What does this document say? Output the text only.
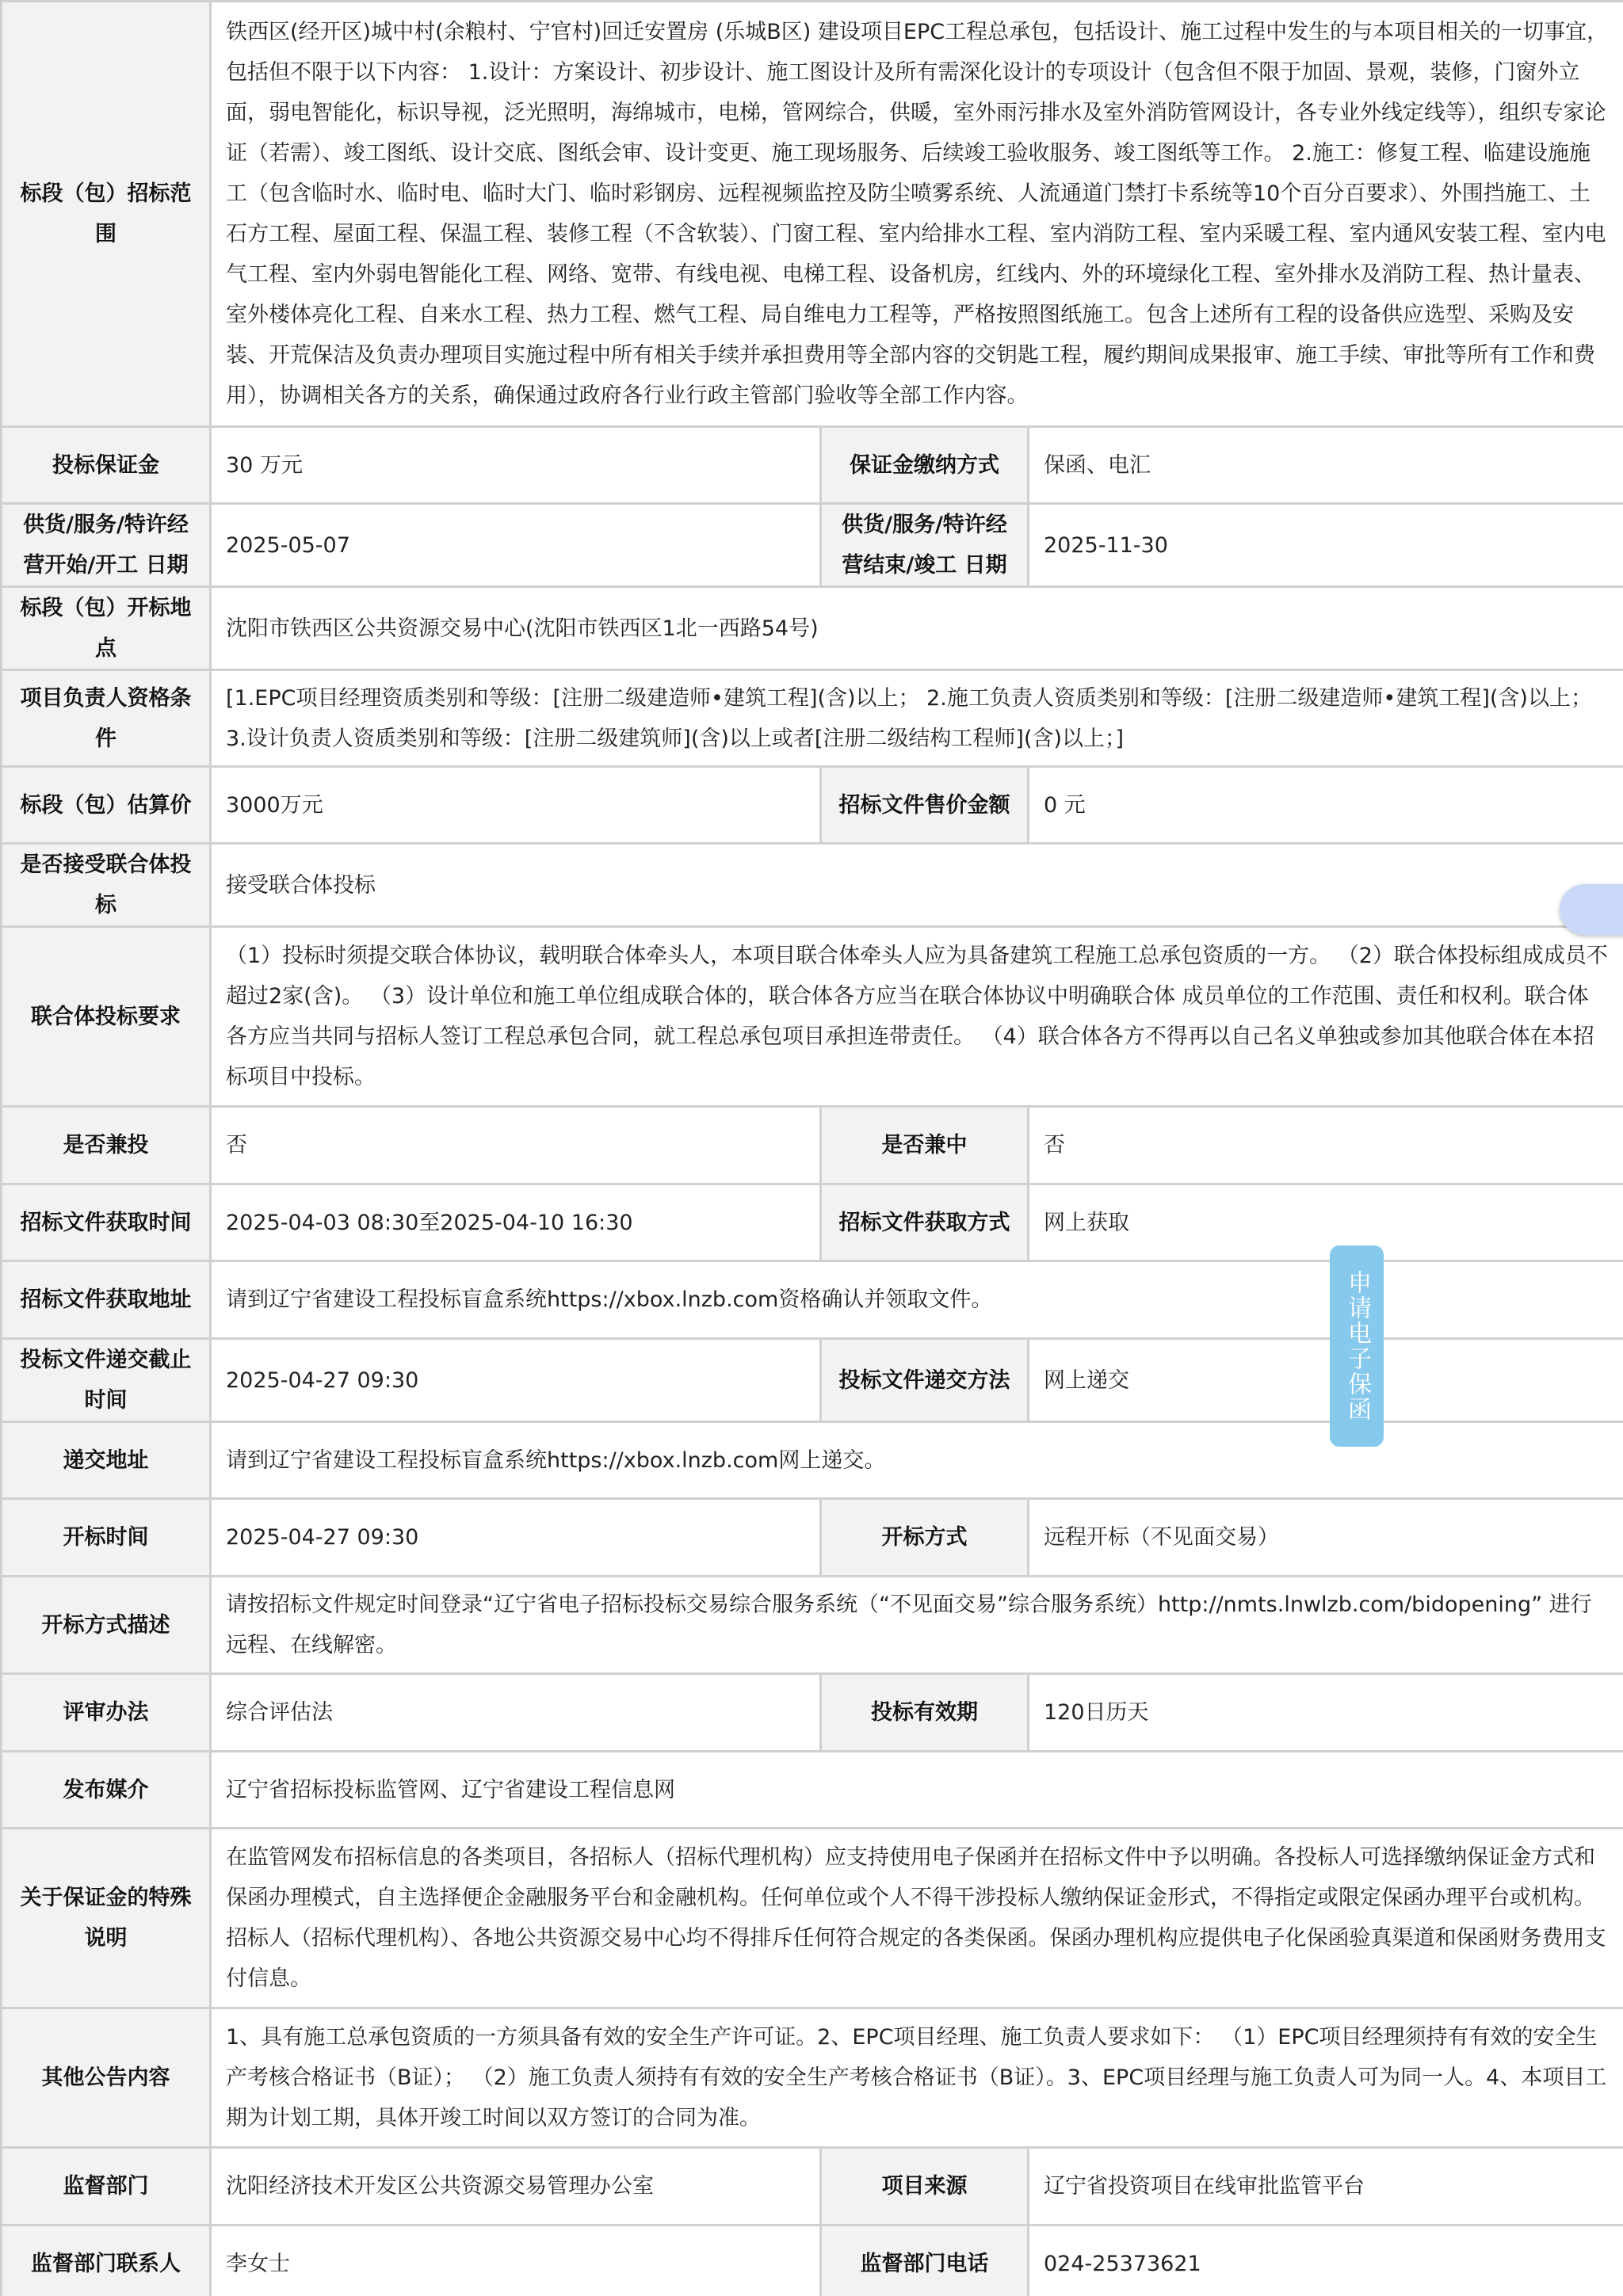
标段（包）招标范围	铁西区(经开区)城中村(余粮村、宁官村)回迁安置房 (乐城B区) 建设项目EPC工程总承包，包括设计、施工过程中发生的与本项目相关的一切事宜，包括但不限于以下内容： 1.设计：方案设计、初步设计、施工图设计及所有需深化设计的专项设计（包含但不限于加固、景观，装修，门窗外立面，弱电智能化，标识导视，泛光照明，海绵城市，电梯，管网综合，供暖，室外雨污排水及室外消防管网设计，各专业外线定线等），组织专家论证（若需）、竣工图纸、设计交底、图纸会审、设计变更、施工现场服务、后续竣工验收服务、竣工图纸等工作。 2.施工：修复工程、临建设施施工（包含临时水、临时电、临时大门、临时彩钢房、远程视频监控及防尘喷雾系统、人流通道门禁打卡系统等10个百分百要求）、外围挡施工、土石方工程、屋面工程、保温工程、装修工程（不含软装）、门窗工程、室内给排水工程、室内消防工程、室内采暖工程、室内通风安装工程、室内电气工程、室内外弱电智能化工程、网络、宽带、有线电视、电梯工程、设备机房，红线内、外的环境绿化工程、室外排水及消防工程、热计量表、室外楼体亮化工程、自来水工程、热力工程、燃气工程、局自维电力工程等，严格按照图纸施工。包含上述所有工程的设备供应选型、采购及安装、开荒保洁及负责办理项目实施过程中所有相关手续并承担费用等全部内容的交钥匙工程，履约期间成果报审、施工手续、审批等所有工作和费用），协调相关各方的关系，确保通过政府各行业行政主管部门验收等全部工作内容。		
投标保证金	30 万元	保证金缴纳方式	保函、电汇
供货/服务/特许经营开始/开工 日期	2025-05-07	供货/服务/特许经营结束/竣工 日期	2025-11-30
标段（包）开标地点	沈阳市铁西区公共资源交易中心(沈阳市铁西区1北一西路54号)		
项目负责人资格条件	[1.EPC项目经理资质类别和等级：[注册二级建造师•建筑工程](含)以上； 2.施工负责人资质类别和等级：[注册二级建造师•建筑工程](含)以上； 3.设计负责人资质类别和等级：[注册二级建筑师](含)以上或者[注册二级结构工程师](含)以上；]		
标段（包）估算价	3000万元	招标文件售价金额	0 元
是否接受联合体投标	接受联合体投标		
联合体投标要求	（1）投标时须提交联合体协议，载明联合体牵头人，本项目联合体牵头人应为具备建筑工程施工总承包资质的一方。 （2）联合体投标组成成员不超过2家(含)。 （3）设计单位和施工单位组成联合体的，联合体各方应当在联合体协议中明确联合体 成员单位的工作范围、责任和权利。联合体各方应当共同与招标人签订工程总承包合同，就工程总承包项目承担连带责任。 （4）联合体各方不得再以自己名义单独或参加其他联合体在本招标项目中投标。		
是否兼投	否	是否兼中	否
招标文件获取时间	2025-04-03 08:30至2025-04-10 16:30	招标文件获取方式	网上获取
招标文件获取地址	请到辽宁省建设工程投标盲盒系统https://xbox.lnzb.com资格确认并领取文件。		
投标文件递交截止时间	2025-04-27 09:30	投标文件递交方法	网上递交
递交地址	请到辽宁省建设工程投标盲盒系统https://xbox.lnzb.com网上递交。		
开标时间	2025-04-27 09:30	开标方式	远程开标（不见面交易）
开标方式描述	请按招标文件规定时间登录“辽宁省电子招标投标交易综合服务系统（“不见面交易”综合服务系统）http://nmts.lnwlzb.com/bidopening” 进行远程、在线解密。		
评审办法	综合评估法	投标有效期	120日历天
发布媒介	辽宁省招标投标监管网、辽宁省建设工程信息网		
关于保证金的特殊说明	在监管网发布招标信息的各类项目，各招标人（招标代理机构）应支持使用电子保函并在招标文件中予以明确。各投标人可选择缴纳保证金方式和保函办理模式，自主选择便企金融服务平台和金融机构。任何单位或个人不得干涉投标人缴纳保证金形式，不得指定或限定保函办理平台或机构。招标人（招标代理机构）、各地公共资源交易中心均不得排斥任何符合规定的各类保函。保函办理机构应提供电子化保函验真渠道和保函财务费用支付信息。		
其他公告内容	1、具有施工总承包资质的一方须具备有效的安全生产许可证。2、EPC项目经理、施工负责人要求如下： （1）EPC项目经理须持有有效的安全生产考核合格证书（B证）； （2）施工负责人须持有有效的安全生产考核合格证书（B证）。3、EPC项目经理与施工负责人可为同一人。4、本项目工期为计划工期，具体开竣工时间以双方签订的合同为准。		
监督部门	沈阳经济技术开发区公共资源交易管理办公室	项目来源	辽宁省投资项目在线审批监管平台
监督部门联系人	李女士	监督部门电话	024-25373621
申请电子保函
